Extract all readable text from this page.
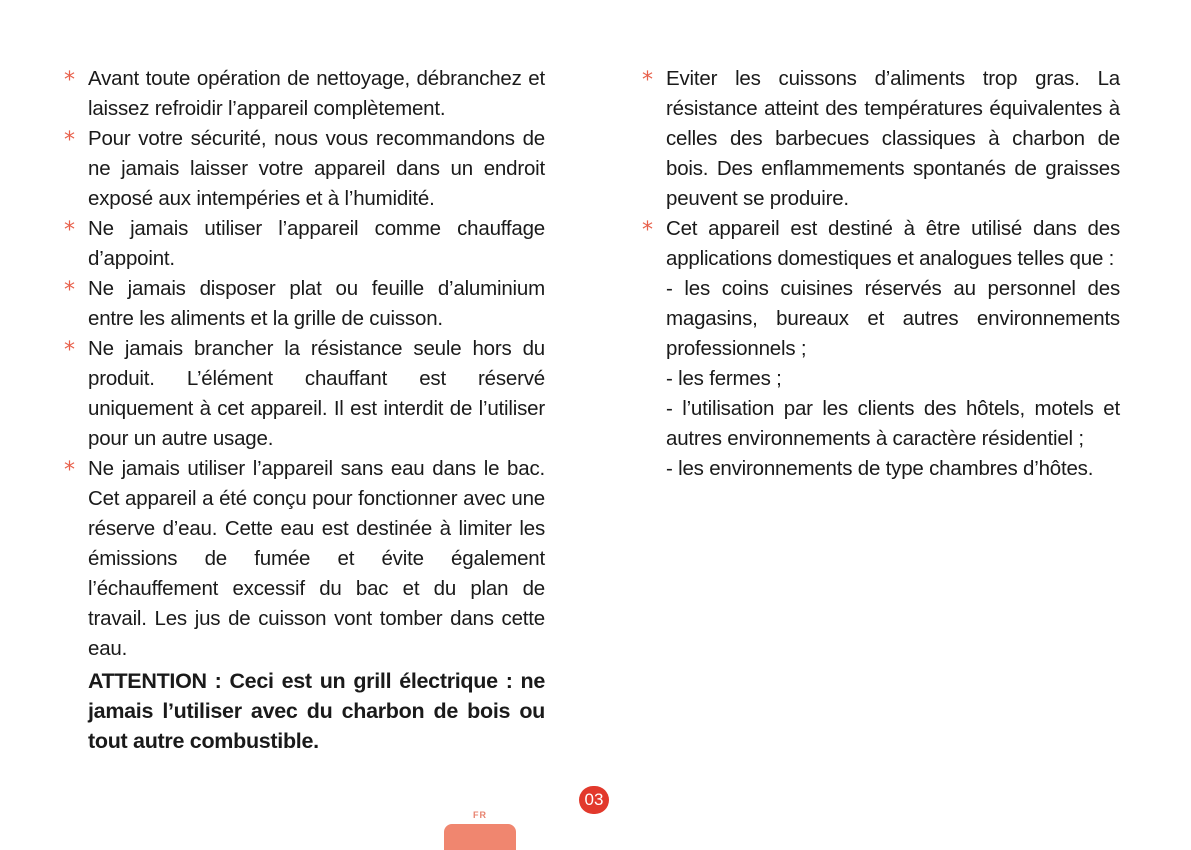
* Avant toute opération de nettoyage, débranchez et laissez refroidir l’appareil complètement.
* Pour votre sécurité, nous vous recommandons de ne jamais laisser votre appareil dans un endroit exposé aux intempéries et à l’humidité.
* Ne jamais utiliser l’appareil comme chauffage d’appoint.
* Ne jamais disposer plat ou feuille d’aluminium entre les aliments et la grille de cuisson.
* Ne jamais brancher la résistance seule hors du produit. L’élément chauffant est réservé uniquement à cet appareil. Il est interdit de l’utiliser pour un autre usage.
* Ne jamais utiliser l’appareil sans eau dans le bac. Cet appareil a été conçu pour fonctionner avec une réserve d’eau. Cette eau est destinée à limiter les émissions de fumée et évite également l’échauffement excessif du bac et du plan de travail. Les jus de cuisson vont tomber dans cette eau.
ATTENTION : Ceci est un grill électrique : ne jamais l’utiliser avec du charbon de bois ou tout autre combustible.
* Eviter les cuissons d’aliments trop gras. La résistance atteint des températures équivalentes à celles des barbecues classiques à charbon de bois. Des enflammements spontanés de graisses peuvent se produire.
* Cet appareil est destiné à être utilisé dans des applications domestiques et analogues telles que :
- les coins cuisines réservés au personnel des magasins, bureaux et autres environnements professionnels ;
- les fermes ;
- l’utilisation par les clients des hôtels, motels et autres environnements à caractère résidentiel ;
- les environnements de type chambres d’hôtes.
03
FR
